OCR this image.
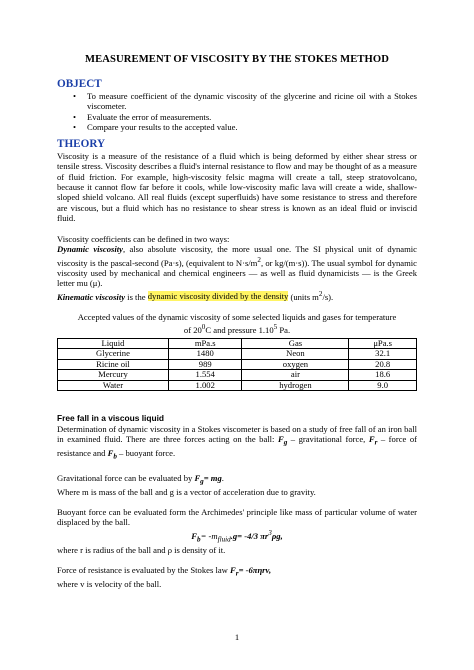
MEASUREMENT OF VISCOSITY BY THE STOKES METHOD
OBJECT
• To measure coefficient of the dynamic viscosity of the glycerine and ricine oil with a Stokes viscometer.
• Evaluate the error of measurements.
• Compare your results to the accepted value.
THEORY

Viscosity is a measure of the resistance of a fluid which is being deformed by either shear stress or tensile stress. Viscosity describes a fluid's internal resistance to flow and may be thought of as a measure of fluid friction. For example, high-viscosity felsic magma will create a tall, steep stratovolcano, because it cannot flow far before it cools, while low-viscosity mafic lava will create a wide, shallow-sloped shield volcano. All real fluids (except superfluids) have some resistance to stress and therefore are viscous, but a fluid which has no resistance to shear stress is known as an ideal fluid or inviscid fluid.

Viscosity coefficients can be defined in two ways:

Dynamic viscosity, also absolute viscosity, the more usual one. The SI physical unit of dynamic viscosity is the pascal-second (Pa·s), (equivalent to $N\cdot s/m^2$, or kg/(m·s)). The usual symbol for dynamic viscosity used by mechanical and chemical engineers — as well as fluid dynamicists — is the Greek letter mu (μ).

Kinematic viscosity is the dynamic viscosity divided by the density (units $m^2/s$).

Accepted values of the dynamic viscosity of some selected liquids and gases for temperature
of $20^0C$ and pressure 1.10$^5$ Pa.
Liquid	mPa.s	Gas	μPa.s
Glycerine	1480	Neon	32.1
Ricine oil	989	oxygen	20.8
Mercury	1.554	air	18.6
Water	1.002	hydrogen	9.0
Free fall in a viscous liquid

Determination of dynamic viscosity in a Stokes viscometer is based on a study of free fall of an iron ball in examined fluid. There are three forces acting on the ball: $F_g$ – gravitational force, $F_r$ – force of resistance and $F_b$ – buoyant force.

Gravitational force can be evaluated by $F_g=$ mg.

Where m is mass of the ball and g is a vector of acceleration due to gravity.

Buoyant force can be evaluated form the Archimedes' principle like mass of particular volume of water displaced by the ball.

$F_b= -m_{fluid}.g= -4/3$ $\pi r^3\rho g$,

where r is radius of the ball and ρ is density of it.

Force of resistance is evaluated by the Stokes law $F_r= -6\pi\eta rv$,

where v is velocity of the ball.

1
